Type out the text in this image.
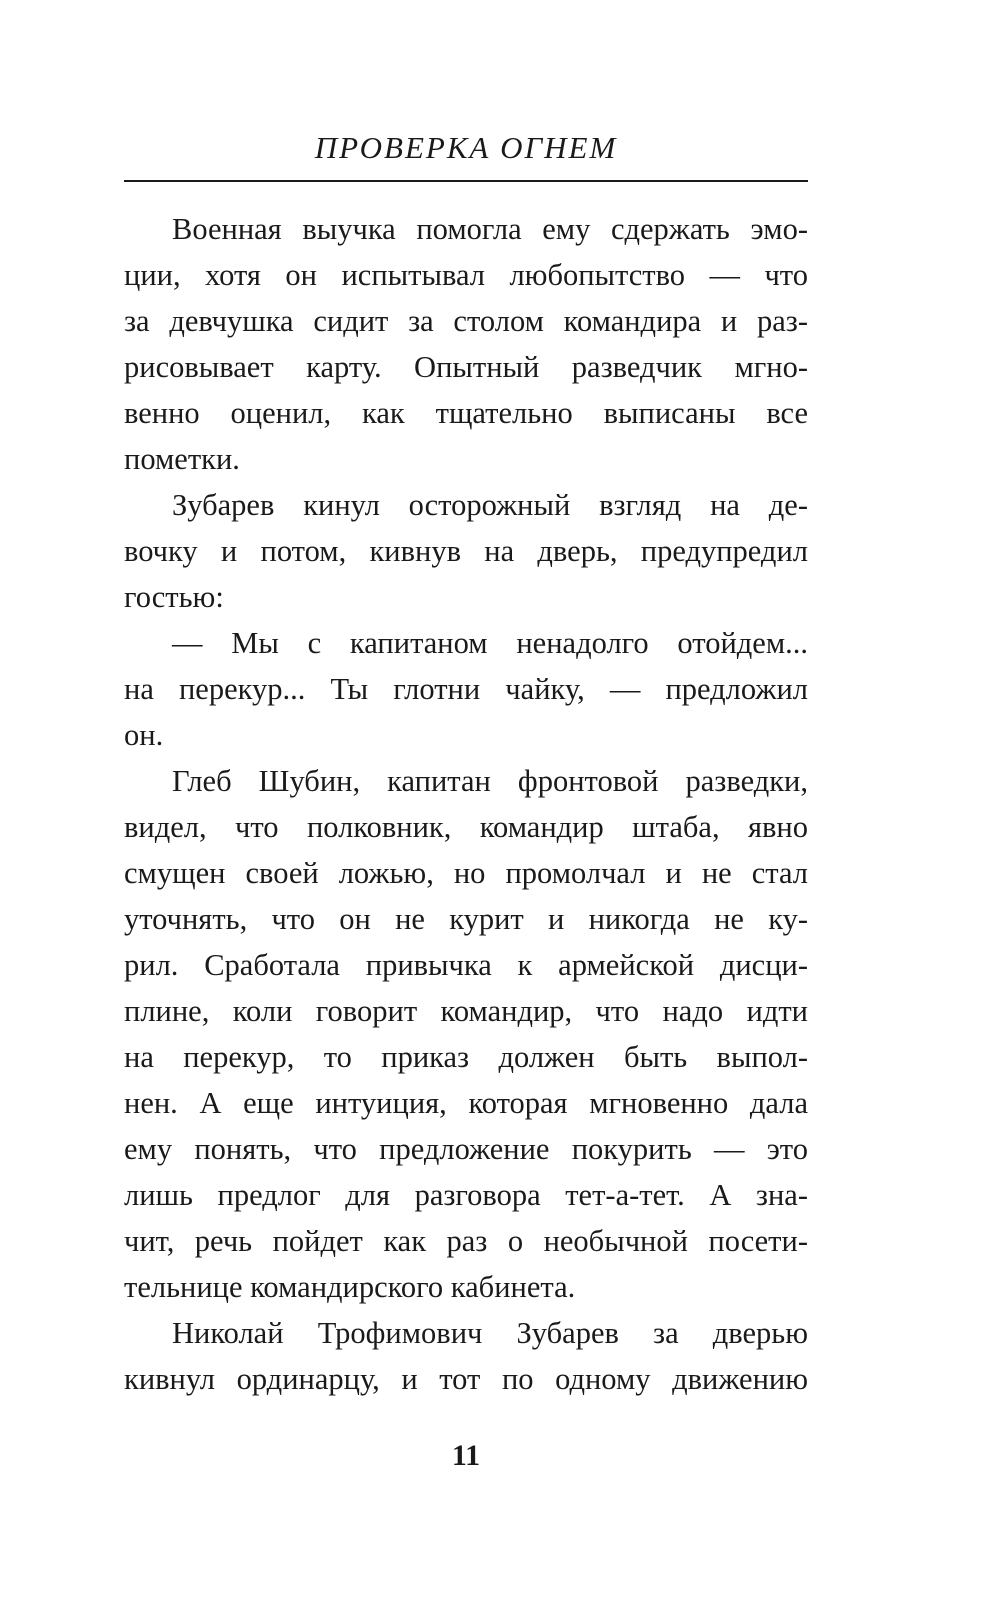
ПРОВЕРКА ОГНЕМ
Военная выучка помогла ему сдержать эмо-
ции, хотя он испытывал любопытство — что
за девчушка сидит за столом командира и раз-
рисовывает карту. Опытный разведчик мгно-
венно оценил, как тщательно выписаны все
пометки.
Зубарев кинул осторожный взгляд на де-
вочку и потом, кивнув на дверь, предупредил
гостью:
— Мы с капитаном ненадолго отойдем...
на перекур... Ты глотни чайку, — предложил
он.
Глеб Шубин, капитан фронтовой разведки,
видел, что полковник, командир штаба, явно
смущен своей ложью, но промолчал и не стал
уточнять, что он не курит и никогда не ку-
рил. Сработала привычка к армейской дисци-
плине, коли говорит командир, что надо идти
на перекур, то приказ должен быть выпол-
нен. А еще интуиция, которая мгновенно дала
ему понять, что предложение покурить — это
лишь предлог для разговора тет-а-тет. А зна-
чит, речь пойдет как раз о необычной посети-
тельнице командирского кабинета.
Николай Трофимович Зубарев за дверью
кивнул ординарцу, и тот по одному движению
11
